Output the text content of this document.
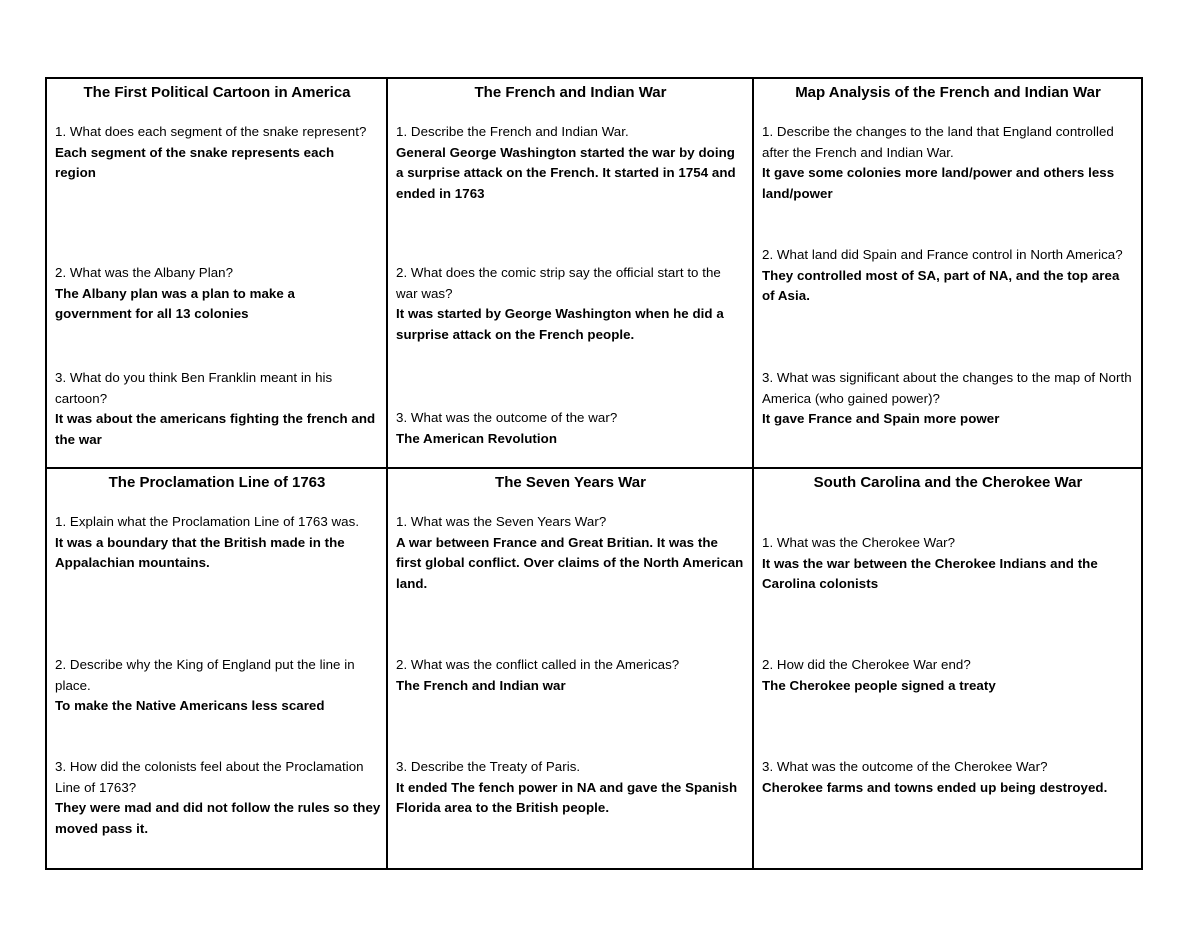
The First Political Cartoon in America

1. What does each segment of the snake represent?
Each segment of the snake represents each region
2. What was the Albany Plan?
The Albany plan was a plan to make a government for all 13 colonies
3. What do you think Ben Franklin meant in his cartoon?
It was about the americans fighting the french and the war

The French and Indian War

1. Describe the French and Indian War.
General George Washington started the war by doing a surprise attack on the French. It started in 1754 and ended in 1763
2. What does the comic strip say the official start to the war was?
It was started by George Washington when he did a surprise attack on the French people.
3. What was the outcome of the war?
The American Revolution

Map Analysis of the French and Indian War

1. Describe the changes to the land that England controlled after the French and Indian War.
It gave some colonies more land/power and others less land/power
2. What land did Spain and France control in North America?
They controlled most of SA, part of NA, and the top area of Asia.
3. What was significant about the changes to the map of North America (who gained power)?
It gave France and Spain more power

The Proclamation Line of 1763

1. Explain what the Proclamation Line of 1763 was.
It was a boundary that the British made in the Appalachian mountains.
2. Describe why the King of England put the line in place.
To make the Native Americans less scared
3. How did the colonists feel about the Proclamation Line of 1763?
They were mad and did not follow the rules so they moved pass it.

The Seven Years War

1. What was the Seven Years War?
A war between France and Great Britian. It was the first global conflict. Over claims of the North American land.
2. What was the conflict called in the Americas?
The French and Indian war
3. Describe the Treaty of Paris.
It ended The fench power in NA and gave the Spanish Florida area to the British people.

South Carolina and the Cherokee War

1. What was the Cherokee War?
It was the war between the Cherokee Indians and the Carolina colonists
2. How did the Cherokee War end?
The Cherokee people signed a treaty
3. What was the outcome of the Cherokee War?
Cherokee farms and towns ended up being destroyed.
